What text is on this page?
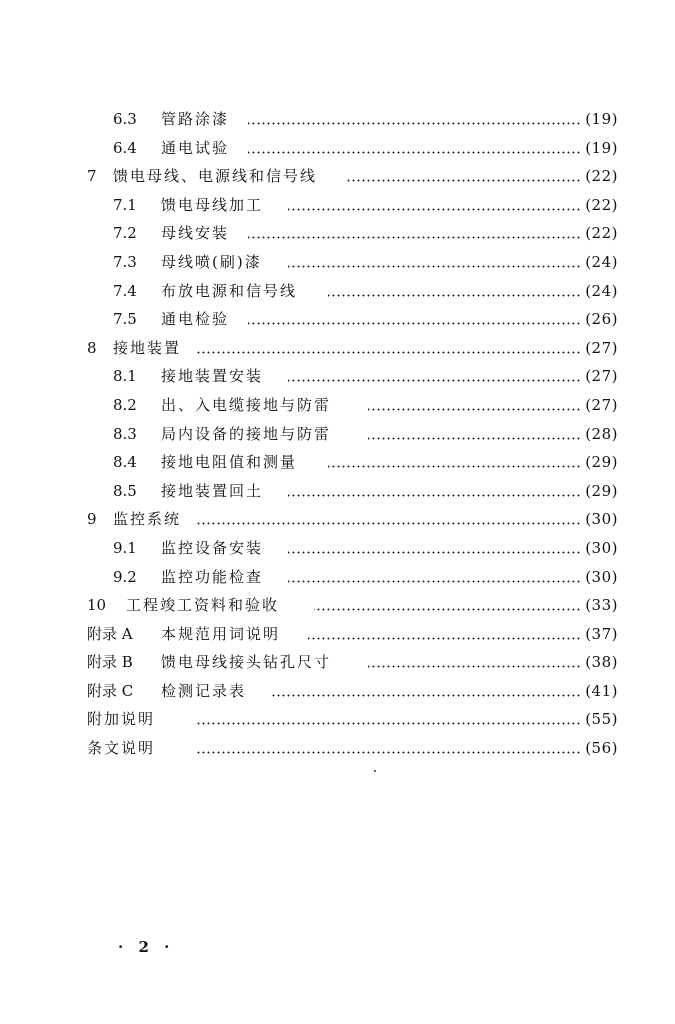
6.3 管路涂漆	(19)
6.4 通电试验	(19)
7 馈电母线、电源线和信号线	(22)
7.1 馈电母线加工	(22)
7.2 母线安装	(22)
7.3 母线喷(刷)漆	(24)
7.4 布放电源和信号线	(24)
7.5 通电检验	(26)
8 接地装置	(27)
8.1 接地装置安装	(27)
8.2 出、入电缆接地与防雷	(27)
8.3 局内设备的接地与防雷	(28)
8.4 接地电阻值和测量	(29)
8.5 接地装置回土	(29)
9 监控系统	(30)
9.1 监控设备安装	(30)
9.2 监控功能检查	(30)
10 工程竣工资料和验收	(33)
附录 A 本规范用词说明	(37)
附录 B 馈电母线接头钻孔尺寸	(38)
附录 C 检测记录表	(41)
附加说明	(55)
条文说明	(56)
· 2 ·
